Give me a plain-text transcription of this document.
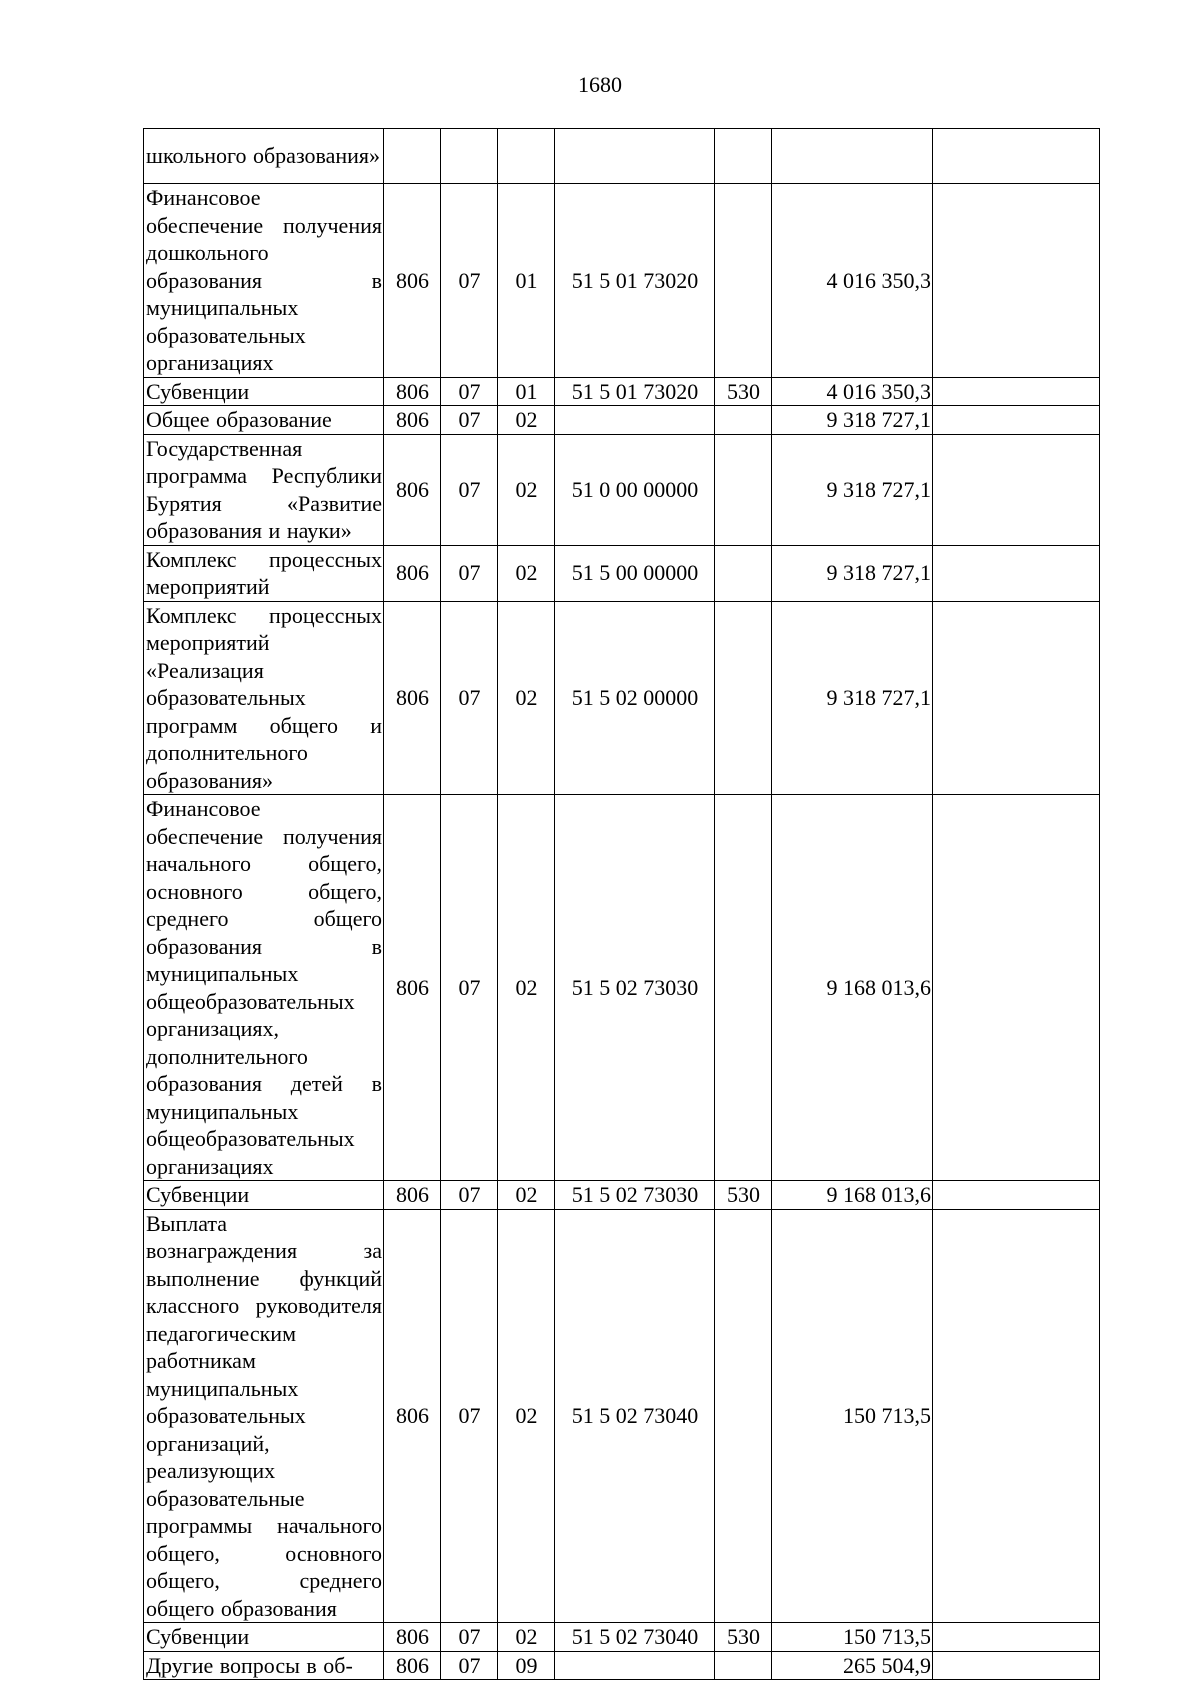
1680
школьного образования»							
Финансовое обеспечение получения дошкольного образования в муниципальных образовательных организациях	806	07	01	51 5 01 73020		4 016 350,3	
Субвенции	806	07	01	51 5 01 73020	530	4 016 350,3	
Общее образование	806	07	02			9 318 727,1	
Государственная программа Республики Бурятия «Развитие образования и науки»	806	07	02	51 0 00 00000		9 318 727,1	
Комплекс процессных мероприятий	806	07	02	51 5 00 00000		9 318 727,1	
Комплекс процессных мероприятий «Реализация образовательных программ общего и дополнительного образования»	806	07	02	51 5 02 00000		9 318 727,1	
Финансовое обеспечение получения начального общего, основного общего, среднего общего образования в муниципальных общеобразовательных организациях, дополнительного образования детей в муниципальных общеобразовательных организациях	806	07	02	51 5 02 73030		9 168 013,6	
Субвенции	806	07	02	51 5 02 73030	530	9 168 013,6	
Выплата вознаграждения за выполнение функций классного руководителя педагогическим работникам муниципальных образовательных организаций, реализующих образовательные программы начального общего, основного общего, среднего общего образования	806	07	02	51 5 02 73040		150 713,5	
Субвенции	806	07	02	51 5 02 73040	530	150 713,5	
Другие вопросы в об-	806	07	09			265 504,9	
